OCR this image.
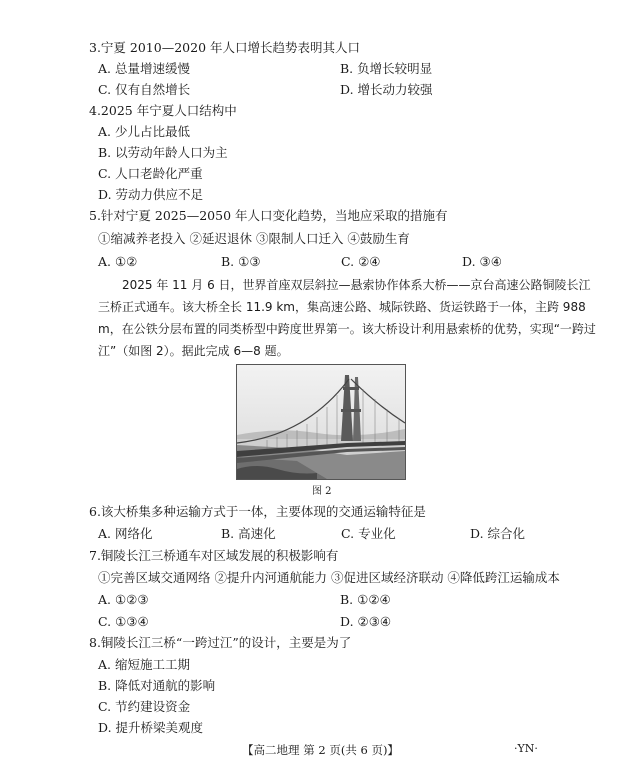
3.宁夏 2010—2020 年人口增长趋势表明其人口
A. 总量增速缓慢	B. 负增长较明显
C. 仅有自然增长	D. 增长动力较强
4.2025 年宁夏人口结构中
A. 少儿占比最低
B. 以劳动年龄人口为主
C. 人口老龄化严重
D. 劳动力供应不足
5.针对宁夏 2025—2050 年人口变化趋势，当地应采取的措施有
①缩减养老投入 ②延迟退休 ③限制人口迁入 ④鼓励生育
A. ①②	B. ①③	C. ②④	D. ③④
2025 年 11 月 6 日，世界首座双层斜拉—悬索协作体系大桥——京台高速公路铜陵长江三桥正式通车。该大桥全长 11.9 km，集高速公路、城际铁路、货运铁路于一体，主跨 988 m，在公铁分层布置的同类桥型中跨度世界第一。该大桥设计利用悬索桥的优势，实现“一跨过江”（如图 2）。据此完成 6—8 题。
图 2
6.该大桥集多种运输方式于一体，主要体现的交通运输特征是
A. 网络化	B. 高速化	C. 专业化	D. 综合化
7.铜陵长江三桥通车对区域发展的积极影响有
①完善区域交通网络 ②提升内河通航能力 ③促进区域经济联动 ④降低跨江运输成本
A. ①②③	B. ①②④
C. ①③④	D. ②③④
8.铜陵长江三桥“一跨过江”的设计，主要是为了
A. 缩短施工工期
B. 降低对通航的影响
C. 节约建设资金
D. 提升桥梁美观度
【高二地理 第 2 页(共 6 页)】	·YN·
